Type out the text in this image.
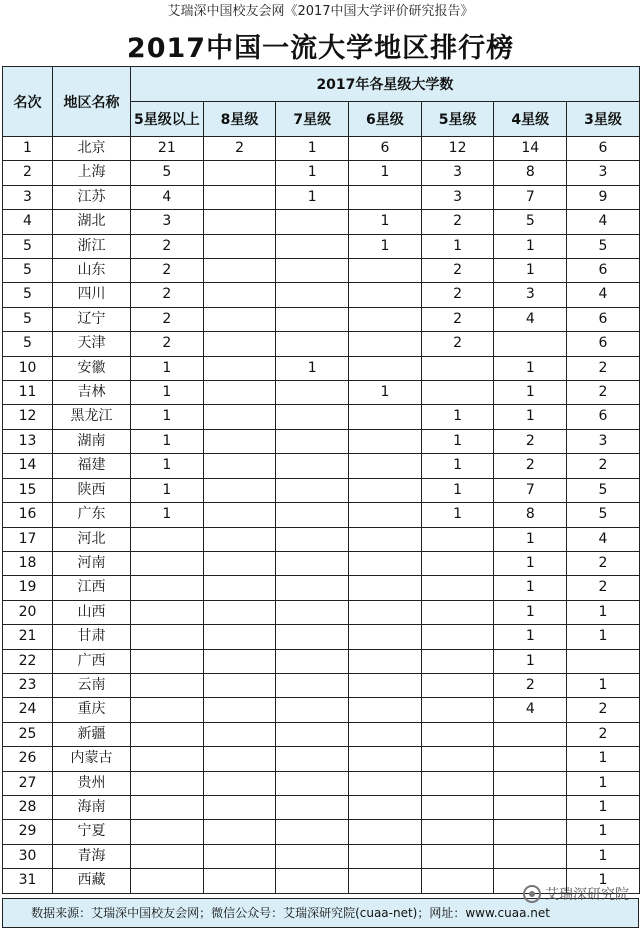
艾瑞深中国校友会网《2017中国大学评价研究报告》
2017中国一流大学地区排行榜
名次	地区名称	2017年各星级大学数						
		5星级以上	8星级	7星级	6星级	5星级	4星级	3星级
1	北京	21	2	1	6	12	14	6
2	上海	5		1	1	3	8	3
3	江苏	4		1		3	7	9
4	湖北	3			1	2	5	4
5	浙江	2			1	1	1	5
5	山东	2				2	1	6
5	四川	2				2	3	4
5	辽宁	2				2	4	6
5	天津	2				2		6
10	安徽	1		1			1	2
11	吉林	1			1		1	2
12	黑龙江	1				1	1	6
13	湖南	1				1	2	3
14	福建	1				1	2	2
15	陕西	1				1	7	5
16	广东	1				1	8	5
17	河北						1	4
18	河南						1	2
19	江西						1	2
20	山西						1	1
21	甘肃						1	1
22	广西						1	
23	云南						2	1
24	重庆						4	2
25	新疆							2
26	内蒙古							1
27	贵州							1
28	海南							1
29	宁夏							1
30	青海							1
31	西藏							1
数据来源：艾瑞深中国校友会网；微信公众号：艾瑞深研究院(cuaa-net)；网址：www.cuaa.net
艾瑞深研究院
